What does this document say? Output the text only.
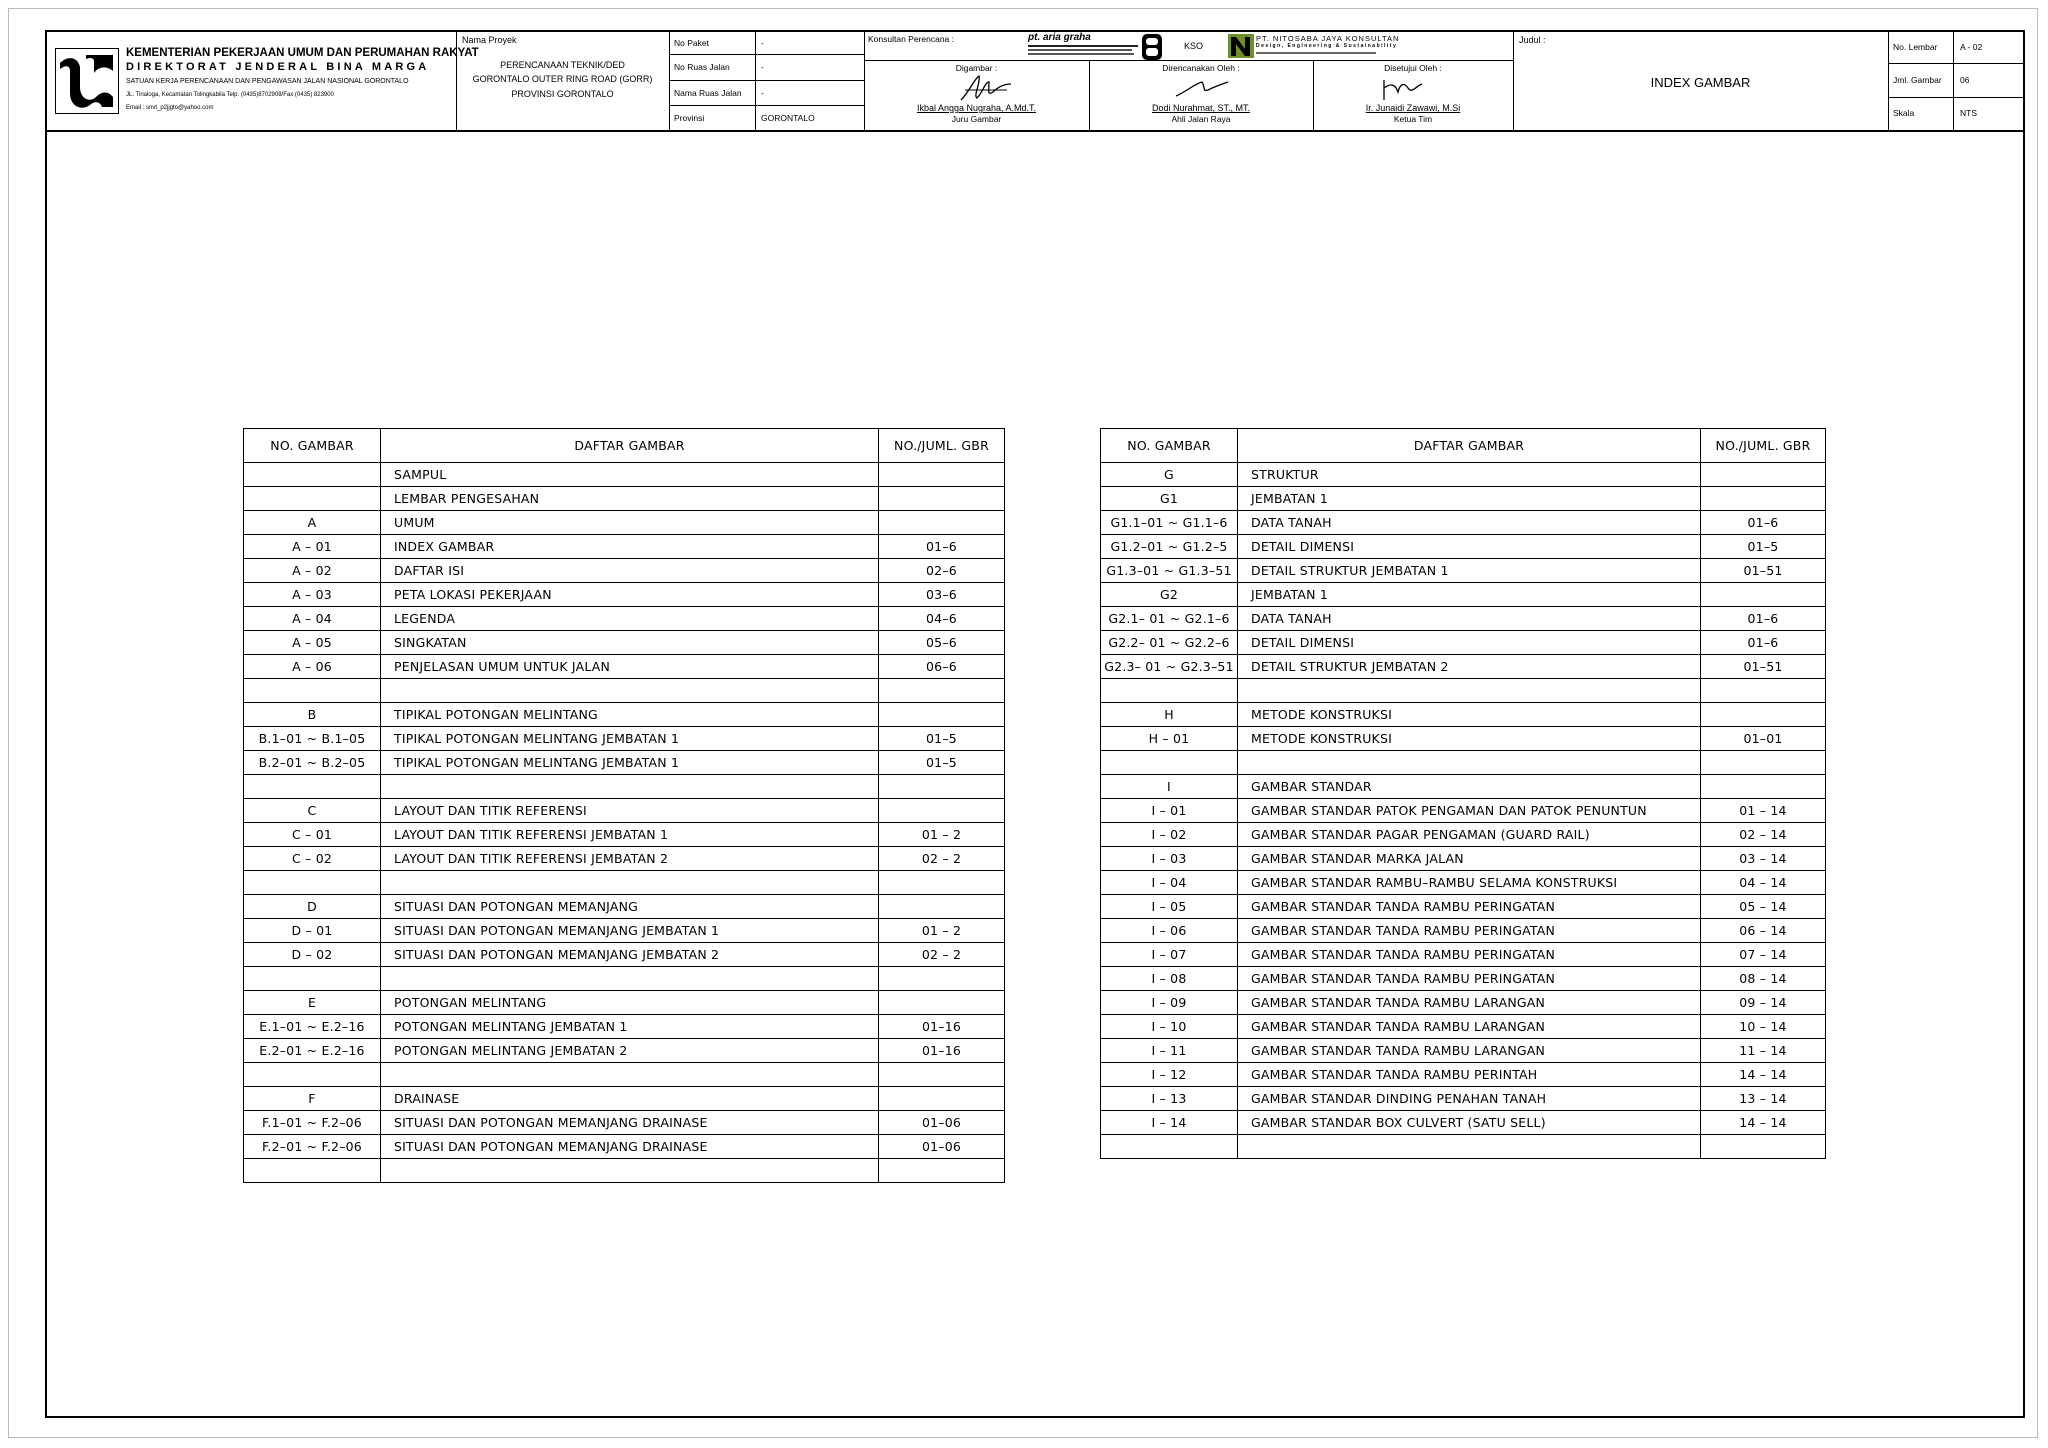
KEMENTERIAN PEKERJAAN UMUM DAN PERUMAHAN RAKYAT
DIREKTORAT JENDERAL BINA MARGA
SATUAN KERJA PERENCANAAN DAN PENGAWASAN JALAN NASIONAL GORONTALO
JL. Tinaloga, Kecamatan Tolingkabila Telp. (0435)8702908/Fax (0435) 823900
Email : snvt_p2jjgto@yahoo.com
Nama Proyek
PERENCANAAN TEKNIK/DED
GORONTALO OUTER RING ROAD (GORR)
PROVINSI GORONTALO
No Paket	-
No Ruas Jalan	-
Nama Ruas Jalan -
Provinsi	GORONTALO
Konsultan Perencana :	pt. aria graha
KSO
PT. NITOSABA JAYA KONSULTAN
Design, Engineering & Sustainability
Digambar :
Ikbal Angga Nugraha, A.Md.T.
Juru Gambar
Direncanakan Oleh :
Dodi Nurahmat, ST., MT.
Ahli Jalan Raya
Disetujui Oleh :
Ir. Junaidi Zawawi, M.Si
Ketua Tim
Judul :
INDEX GAMBAR
No. Lembar	A - 02
Jml. Gambar 06
Skala	NTS
NO. GAMBAR	DAFTAR GAMBAR	NO./JUML. GBR
	SAMPUL	
	LEMBAR PENGESAHAN	
A	UMUM	
A – 01	INDEX GAMBAR	01–6
A – 02	DAFTAR ISI	02–6
A – 03	PETA LOKASI PEKERJAAN	03–6
A – 04	LEGENDA	04–6
A – 05	SINGKATAN	05–6
A – 06	PENJELASAN UMUM UNTUK JALAN	06–6

B	TIPIKAL POTONGAN MELINTANG	
B.1–01 ~ B.1–05	TIPIKAL POTONGAN MELINTANG JEMBATAN 1	01–5
B.2–01 ~ B.2–05	TIPIKAL POTONGAN MELINTANG JEMBATAN 1	01–5

C	LAYOUT DAN TITIK REFERENSI	
C – 01	LAYOUT DAN TITIK REFERENSI JEMBATAN 1	01 – 2
C – 02	LAYOUT DAN TITIK REFERENSI JEMBATAN 2	02 – 2

D	SITUASI DAN POTONGAN MEMANJANG	
D – 01	SITUASI DAN POTONGAN MEMANJANG JEMBATAN 1	01 – 2
D – 02	SITUASI DAN POTONGAN MEMANJANG JEMBATAN 2	02 – 2

E	POTONGAN MELINTANG	
E.1–01 ~ E.2–16	POTONGAN MELINTANG JEMBATAN 1	01–16
E.2–01 ~ E.2–16	POTONGAN MELINTANG JEMBATAN 2	01–16

F	DRAINASE	
F.1–01 ~ F.2–06	SITUASI DAN POTONGAN MEMANJANG DRAINASE	01–06
F.2–01 ~ F.2–06	SITUASI DAN POTONGAN MEMANJANG DRAINASE	01–06

NO. GAMBAR	DAFTAR GAMBAR	NO./JUML. GBR
G	STRUKTUR	
G1	JEMBATAN 1	
G1.1–01 ~ G1.1–6	DATA TANAH	01–6
G1.2–01 ~ G1.2–5	DETAIL DIMENSI	01–5
G1.3–01 ~ G1.3–51	DETAIL STRUKTUR JEMBATAN 1	01–51
G2	JEMBATAN 1	
G2.1– 01 ~ G2.1–6	DATA TANAH	01–6
G2.2– 01 ~ G2.2–6	DETAIL DIMENSI	01–6
G2.3– 01 ~ G2.3–51	DETAIL STRUKTUR JEMBATAN 2	01–51

H	METODE KONSTRUKSI	
H – 01	METODE KONSTRUKSI	01–01

I	GAMBAR STANDAR	
I – 01	GAMBAR STANDAR PATOK PENGAMAN DAN PATOK PENUNTUN	01 – 14
I – 02	GAMBAR STANDAR PAGAR PENGAMAN (GUARD RAIL)	02 – 14
I – 03	GAMBAR STANDAR MARKA JALAN	03 – 14
I – 04	GAMBAR STANDAR RAMBU–RAMBU SELAMA KONSTRUKSI	04 – 14
I – 05	GAMBAR STANDAR TANDA RAMBU PERINGATAN	05 – 14
I – 06	GAMBAR STANDAR TANDA RAMBU PERINGATAN	06 – 14
I – 07	GAMBAR STANDAR TANDA RAMBU PERINGATAN	07 – 14
I – 08	GAMBAR STANDAR TANDA RAMBU PERINGATAN	08 – 14
I – 09	GAMBAR STANDAR TANDA RAMBU LARANGAN	09 – 14
I – 10	GAMBAR STANDAR TANDA RAMBU LARANGAN	10 – 14
I – 11	GAMBAR STANDAR TANDA RAMBU LARANGAN	11 – 14
I – 12	GAMBAR STANDAR TANDA RAMBU PERINTAH	14 – 14
I – 13	GAMBAR STANDAR DINDING PENAHAN TANAH	13 – 14
I – 14	GAMBAR STANDAR BOX CULVERT (SATU SELL)	14 – 14
